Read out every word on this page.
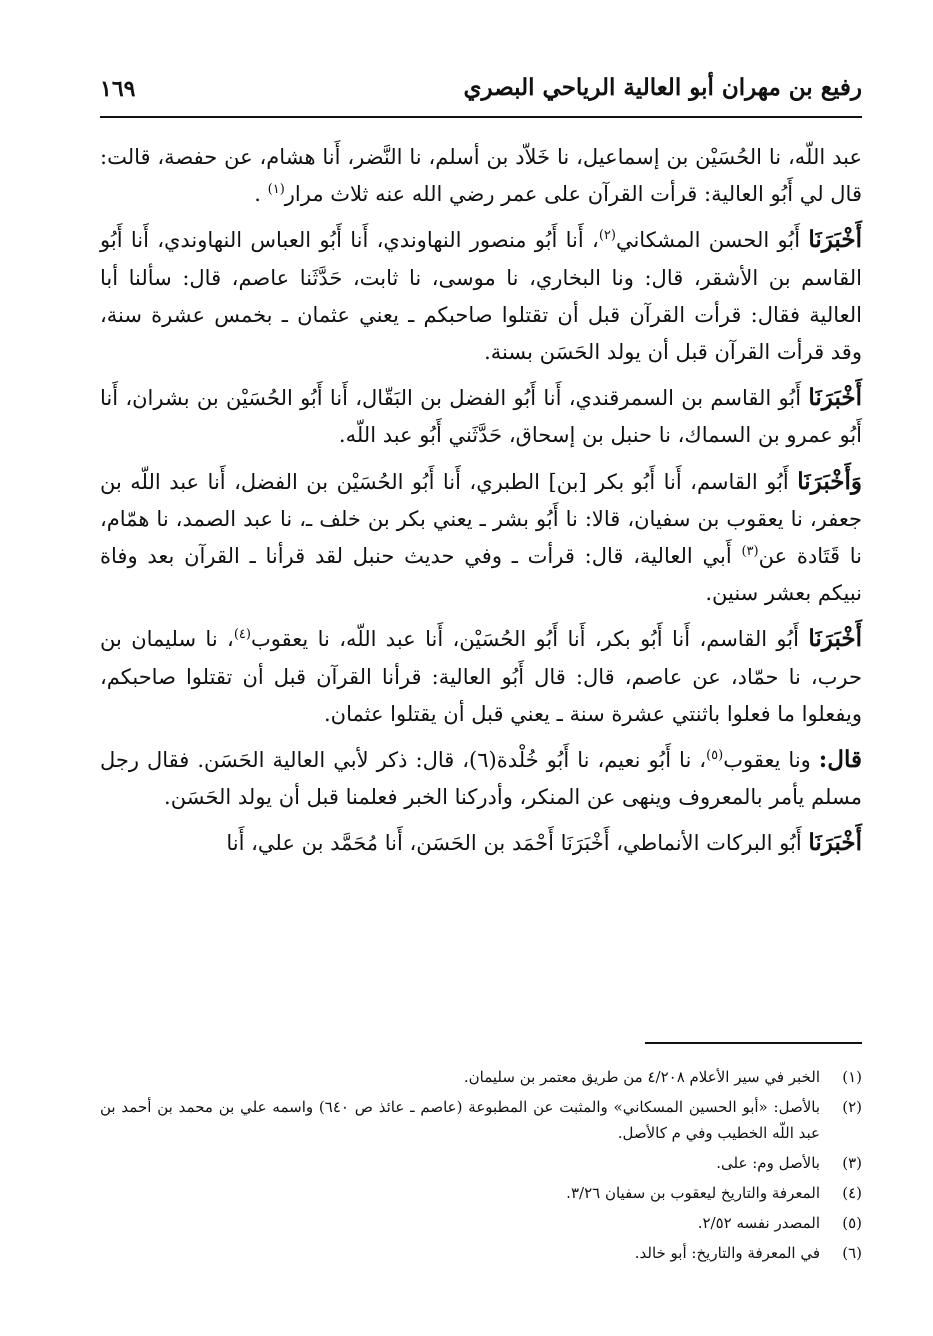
١٦٩	رفيع بن مهران أبو العالية الرياحي البصري

عبد اللّه، نا الحُسَيْن بن إسماعيل، نا خَلاّد بن أسلم، نا النَّضر، أَنا هشام، عن حفصة، قالت: قال لي أَبُو العالية: قرأت القرآن على عمر رضي الله عنه ثلاث مرار$^{(١)}$ .

أَخْبَرَنَا أَبُو الحسن المشكاني$^{(٢)}$، أَنا أَبُو منصور النهاوندي، أَنا أَبُو العباس النهاوندي، أَنا أَبُو القاسم بن الأشقر، قال: ونا البخاري، نا موسى، نا ثابت، حَدَّثَنا عاصم، قال: سألنا أبا العالية فقال: قرأت القرآن قبل أن تقتلوا صاحبكم ـ يعني عثمان ـ بخمس عشرة سنة، وقد قرأت القرآن قبل أن يولد الحَسَن بسنة.

أَخْبَرَنَا أَبُو القاسم بن السمرقندي، أَنا أَبُو الفضل بن البَقّال، أَنا أَبُو الحُسَيْن بن بشران، أَنا أَبُو عمرو بن السماك، نا حنبل بن إسحاق، حَدَّثَني أَبُو عبد اللّه.

وَأَخْبَرَنَا أَبُو القاسم، أَنا أَبُو بكر [بن] الطبري، أَنا أَبُو الحُسَيْن بن الفضل، أَنا عبد اللّه بن جعفر، نا يعقوب بن سفيان، قالا: نا أَبُو بشر ـ يعني بكر بن خلف ـ، نا عبد الصمد، نا همّام، نا قَتَادة عن$^{(٣)}$ أَبي العالية، قال: قرأت ـ وفي حديث حنبل لقد قرأنا ـ القرآن بعد وفاة نبيكم بعشر سنين.

أَخْبَرَنَا أَبُو القاسم، أَنا أَبُو بكر، أَنا أَبُو الحُسَيْن، أَنا عبد اللّه، نا يعقوب$^{(٤)}$، نا سليمان بن حرب، نا حمّاد، عن عاصم، قال: قال أَبُو العالية: قرأنا القرآن قبل أن تقتلوا صاحبكم، ويفعلوا ما فعلوا باثنتي عشرة سنة ـ يعني قبل أن يقتلوا عثمان.

قال: ونا يعقوب$^{(٥)}$، نا أَبُو نعيم، نا أَبُو خُلْدة(٦)، قال: ذكر لأبي العالية الحَسَن. فقال رجل مسلم يأمر بالمعروف وينهى عن المنكر، وأدركنا الخبر فعلمنا قبل أن يولد الحَسَن.

أَخْبَرَنَا أَبُو البركات الأنماطي، أَخْبَرَنَا أَحْمَد بن الحَسَن، أَنا مُحَمَّد بن علي، أَنا

(١)
الخبر في سير الأعلام ٤/٢٠٨ من طريق معتمر بن سليمان.
(٢)
بالأصل: «أبو الحسين المسكاني» والمثبت عن المطبوعة (عاصم ـ عائذ ص ٦٤٠) واسمه علي بن محمد بن أحمد بن عبد اللّه الخطيب وفي م كالأصل.
(٣)
بالأصل وم: على.
(٤)
المعرفة والتاريخ ليعقوب بن سفيان ٣/٢٦.
(٥)
المصدر نفسه ٢/٥٢.
(٦)
في المعرفة والتاريخ: أبو خالد.
